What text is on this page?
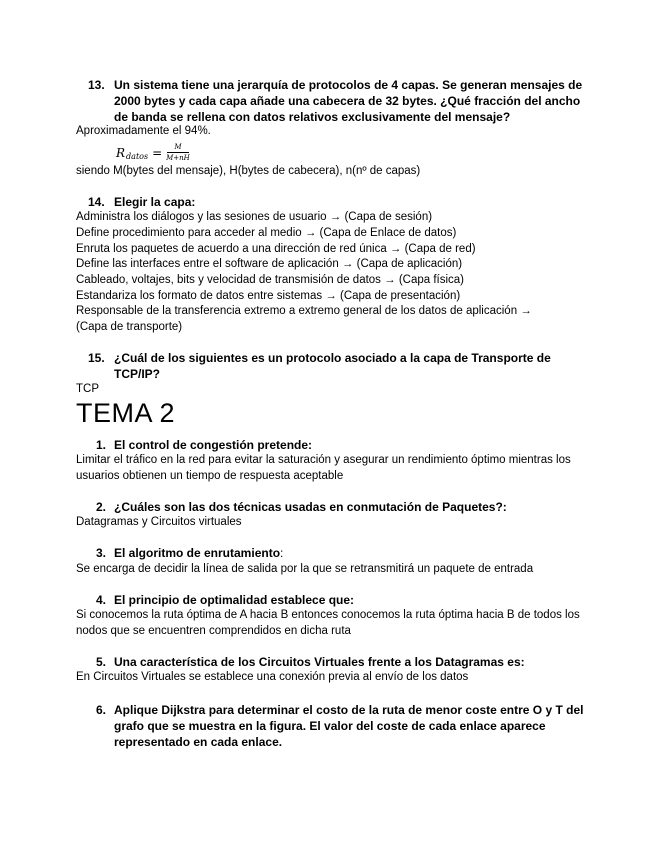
13. Un sistema tiene una jerarquía de protocolos de 4 capas. Se generan mensajes de 2000 bytes y cada capa añade una cabecera de 32 bytes. ¿Qué fracción del ancho de banda se rellena con datos relativos exclusivamente del mensaje?
Aproximadamente el 94%.
R datos = $\frac{M}{M+nH}$
siendo M(bytes del mensaje), H(bytes de cabecera), n(nº de capas)
14. Elegir la capa:
Administra los diálogos y las sesiones de usuario → (Capa de sesión)
Define procedimiento para acceder al medio → (Capa de Enlace de datos)
Enruta los paquetes de acuerdo a una dirección de red única → (Capa de red)
Define las interfaces entre el software de aplicación → (Capa de aplicación)
Cableado, voltajes, bits y velocidad de transmisión de datos → (Capa física)
Estandariza los formato de datos entre sistemas → (Capa de presentación)
Responsable de la transferencia extremo a extremo general de los datos de aplicación →
(Capa de transporte)
15. ¿Cuál de los siguientes es un protocolo asociado a la capa de Transporte de TCP/IP?
TCP
TEMA 2
1. El control de congestión pretende:
Limitar el tráfico en la red para evitar la saturación y asegurar un rendimiento óptimo mientras los usuarios obtienen un tiempo de respuesta aceptable
2. ¿Cuáles son las dos técnicas usadas en conmutación de Paquetes?:
Datagramas y Circuitos virtuales
3. El algoritmo de enrutamiento:
Se encarga de decidir la línea de salida por la que se retransmitirá un paquete de entrada
4. El principio de optimalidad establece que:
Si conocemos la ruta óptima de A hacia B entonces conocemos la ruta óptima hacia B de todos los nodos que se encuentren comprendidos en dicha ruta
5. Una característica de los Circuitos Virtuales frente a los Datagramas es:
En Circuitos Virtuales se establece una conexión previa al envío de los datos
6. Aplique Dijkstra para determinar el costo de la ruta de menor coste entre O y T del grafo que se muestra en la figura. El valor del coste de cada enlace aparece representado en cada enlace.
